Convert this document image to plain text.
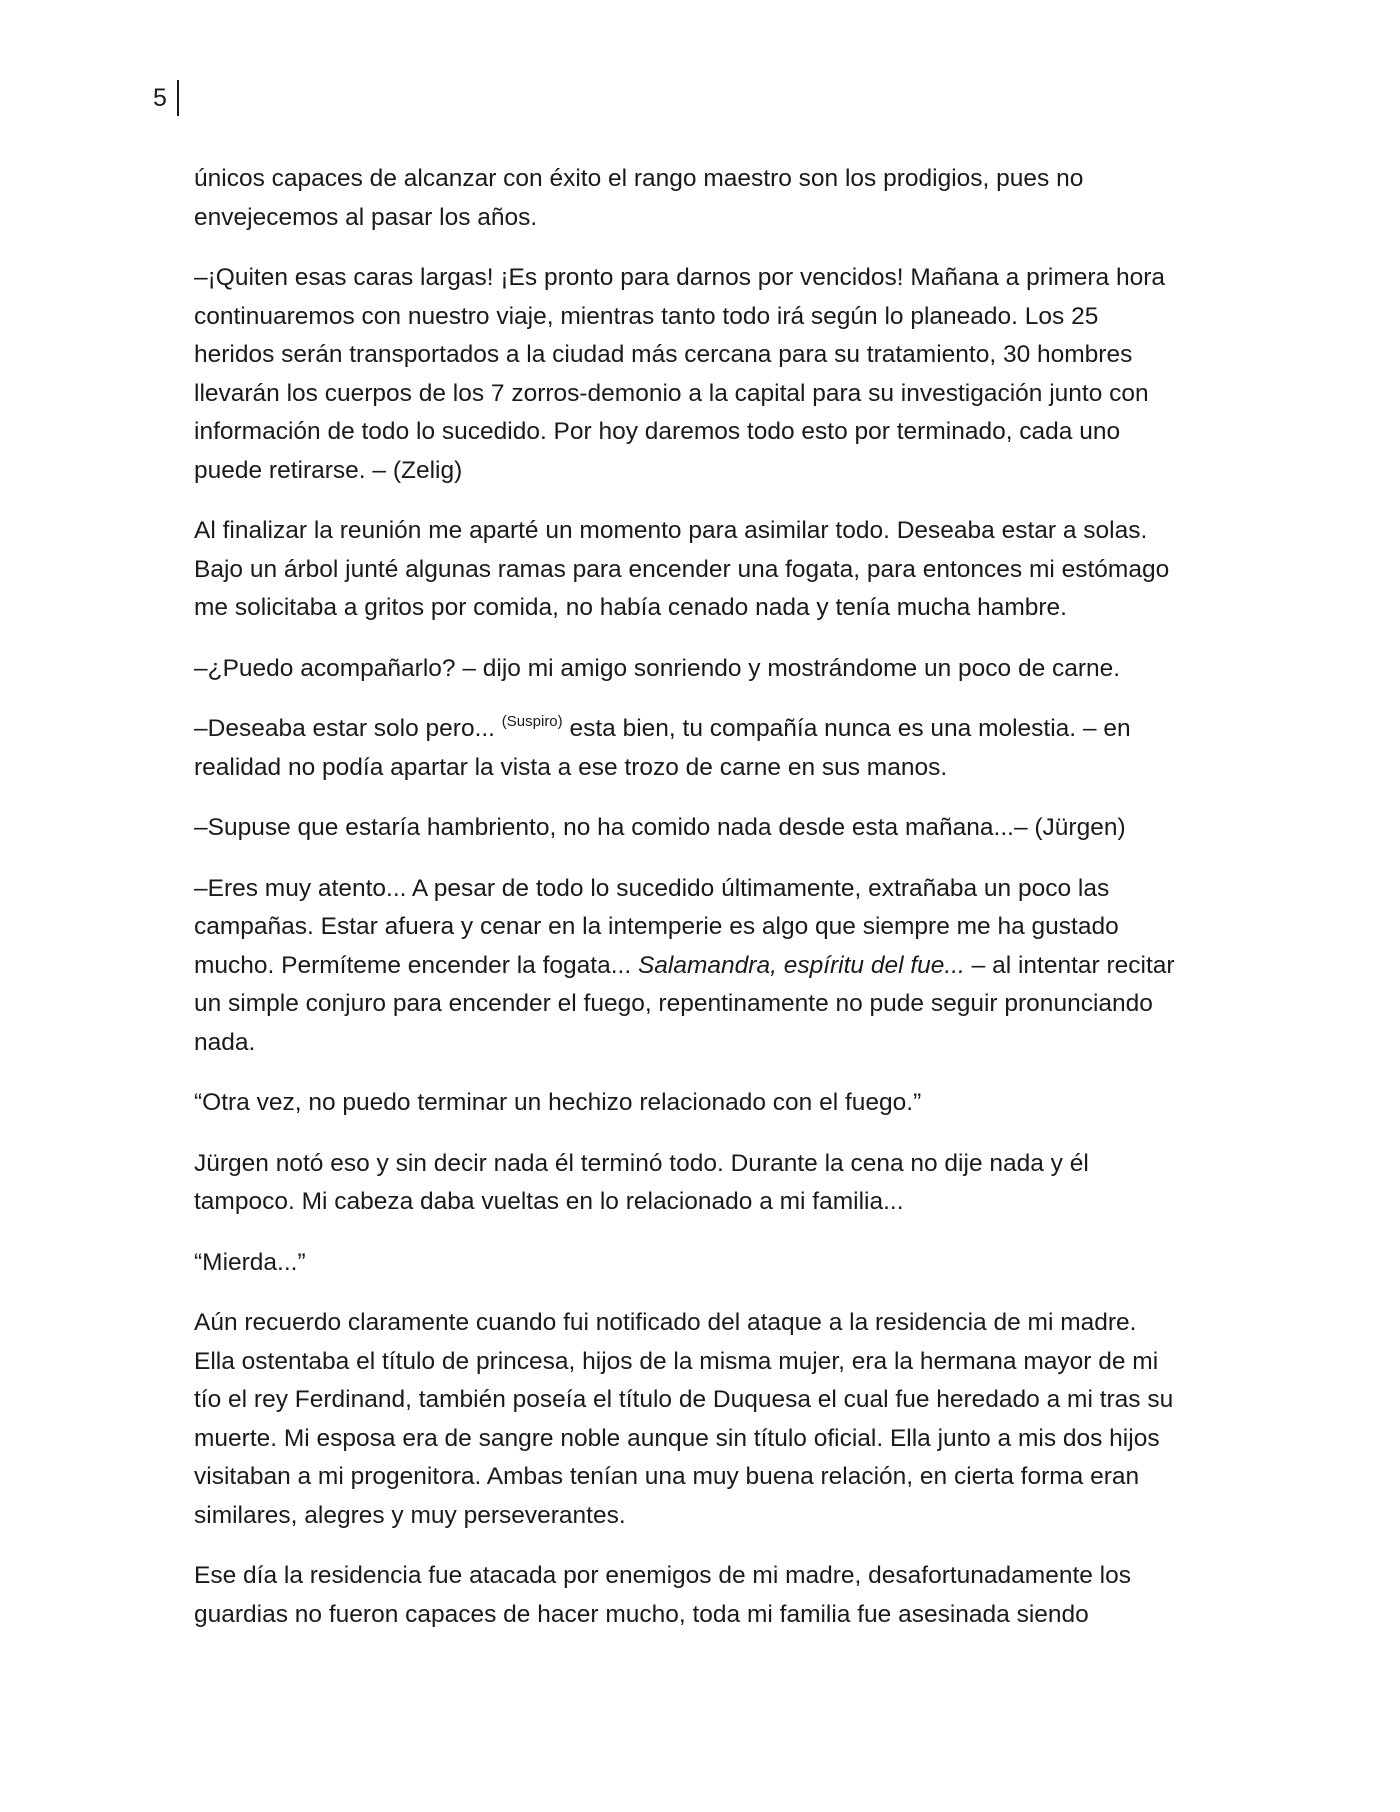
5

únicos capaces de alcanzar con éxito el rango maestro son los prodigios, pues no
envejecemos al pasar los años.

–¡Quiten esas caras largas! ¡Es pronto para darnos por vencidos! Mañana a primera hora
continuaremos con nuestro viaje, mientras tanto todo irá según lo planeado. Los 25
heridos serán transportados a la ciudad más cercana para su tratamiento, 30 hombres
llevarán los cuerpos de los 7 zorros-demonio a la capital para su investigación junto con
información de todo lo sucedido. Por hoy daremos todo esto por terminado, cada uno
puede retirarse. – (Zelig)

Al finalizar la reunión me aparté un momento para asimilar todo. Deseaba estar a solas.
Bajo un árbol junté algunas ramas para encender una fogata, para entonces mi estómago
me solicitaba a gritos por comida, no había cenado nada y tenía mucha hambre.

–¿Puedo acompañarlo? – dijo mi amigo sonriendo y mostrándome un poco de carne.

–Deseaba estar solo pero... $^{(Suspiro)}$ esta bien, tu compañía nunca es una molestia. – en
realidad no podía apartar la vista a ese trozo de carne en sus manos.

–Supuse que estaría hambriento, no ha comido nada desde esta mañana...– (Jürgen)

–Eres muy atento... A pesar de todo lo sucedido últimamente, extrañaba un poco las
campañas. Estar afuera y cenar en la intemperie es algo que siempre me ha gustado
mucho. Permíteme encender la fogata... Salamandra, espíritu del fue... – al intentar recitar
un simple conjuro para encender el fuego, repentinamente no pude seguir pronunciando
nada.

“Otra vez, no puedo terminar un hechizo relacionado con el fuego.”

Jürgen notó eso y sin decir nada él terminó todo. Durante la cena no dije nada y él
tampoco. Mi cabeza daba vueltas en lo relacionado a mi familia...

“Mierda...”

Aún recuerdo claramente cuando fui notificado del ataque a la residencia de mi madre.
Ella ostentaba el título de princesa, hijos de la misma mujer, era la hermana mayor de mi
tío el rey Ferdinand, también poseía el título de Duquesa el cual fue heredado a mi tras su
muerte. Mi esposa era de sangre noble aunque sin título oficial. Ella junto a mis dos hijos
visitaban a mi progenitora. Ambas tenían una muy buena relación, en cierta forma eran
similares, alegres y muy perseverantes.

Ese día la residencia fue atacada por enemigos de mi madre, desafortunadamente los
guardias no fueron capaces de hacer mucho, toda mi familia fue asesinada siendo
